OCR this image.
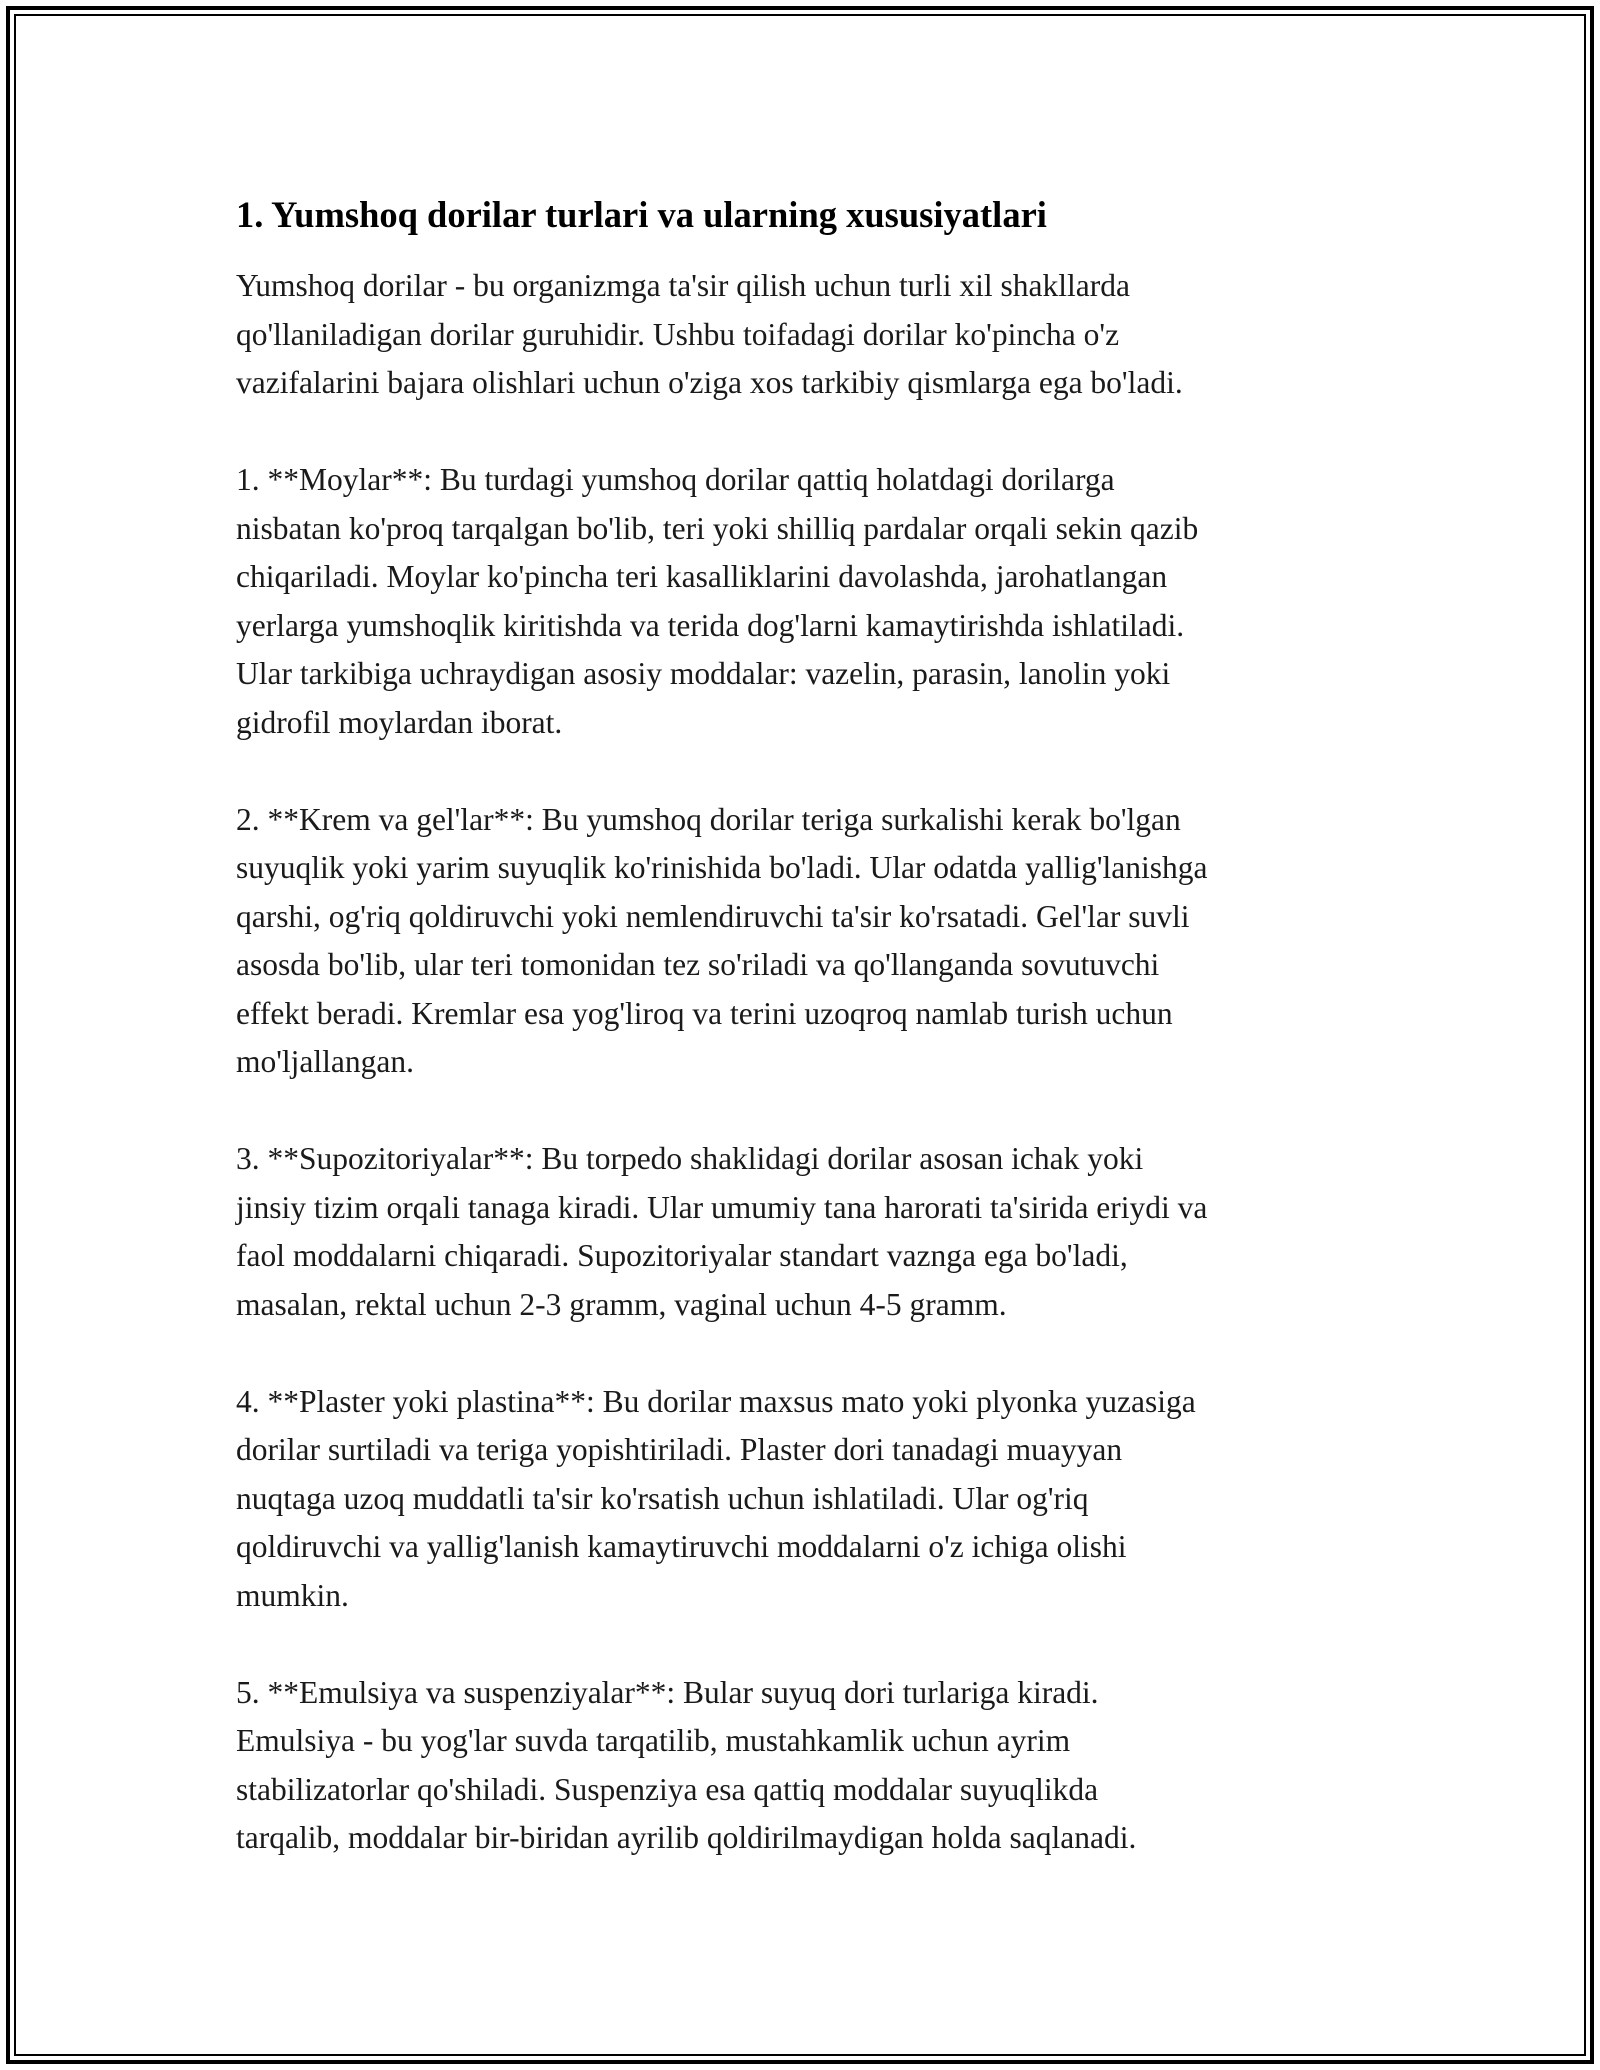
1. Yumshoq dorilar turlari va ularning xususiyatlari

Yumshoq dorilar - bu organizmga ta'sir qilish uchun turli xil shakllarda
qo'llaniladigan dorilar guruhidir. Ushbu toifadagi dorilar ko'pincha o'z
vazifalarini bajara olishlari uchun o'ziga xos tarkibiy qismlarga ega bo'ladi.

1. **Moylar**: Bu turdagi yumshoq dorilar qattiq holatdagi dorilarga
nisbatan ko'proq tarqalgan bo'lib, teri yoki shilliq pardalar orqali sekin qazib
chiqariladi. Moylar ko'pincha teri kasalliklarini davolashda, jarohatlangan
yerlarga yumshoqlik kiritishda va terida dog'larni kamaytirishda ishlatiladi.
Ular tarkibiga uchraydigan asosiy moddalar: vazelin, parasin, lanolin yoki
gidrofil moylardan iborat.

2. **Krem va gel'lar**: Bu yumshoq dorilar teriga surkalishi kerak bo'lgan
suyuqlik yoki yarim suyuqlik ko'rinishida bo'ladi. Ular odatda yallig'lanishga
qarshi, og'riq qoldiruvchi yoki nemlendiruvchi ta'sir ko'rsatadi. Gel'lar suvli
asosda bo'lib, ular teri tomonidan tez so'riladi va qo'llanganda sovutuvchi
effekt beradi. Kremlar esa yog'liroq va terini uzoqroq namlab turish uchun
mo'ljallangan.

3. **Supozitoriyalar**: Bu torpedo shaklidagi dorilar asosan ichak yoki
jinsiy tizim orqali tanaga kiradi. Ular umumiy tana harorati ta'sirida eriydi va
faol moddalarni chiqaradi. Supozitoriyalar standart vaznga ega bo'ladi,
masalan, rektal uchun 2-3 gramm, vaginal uchun 4-5 gramm.

4. **Plaster yoki plastina**: Bu dorilar maxsus mato yoki plyonka yuzasiga
dorilar surtiladi va teriga yopishtiriladi. Plaster dori tanadagi muayyan
nuqtaga uzoq muddatli ta'sir ko'rsatish uchun ishlatiladi. Ular og'riq
qoldiruvchi va yallig'lanish kamaytiruvchi moddalarni o'z ichiga olishi
mumkin.

5. **Emulsiya va suspenziyalar**: Bular suyuq dori turlariga kiradi.
Emulsiya - bu yog'lar suvda tarqatilib, mustahkamlik uchun ayrim
stabilizatorlar qo'shiladi. Suspenziya esa qattiq moddalar suyuqlikda
tarqalib, moddalar bir-biridan ayrilib qoldirilmaydigan holda saqlanadi.
